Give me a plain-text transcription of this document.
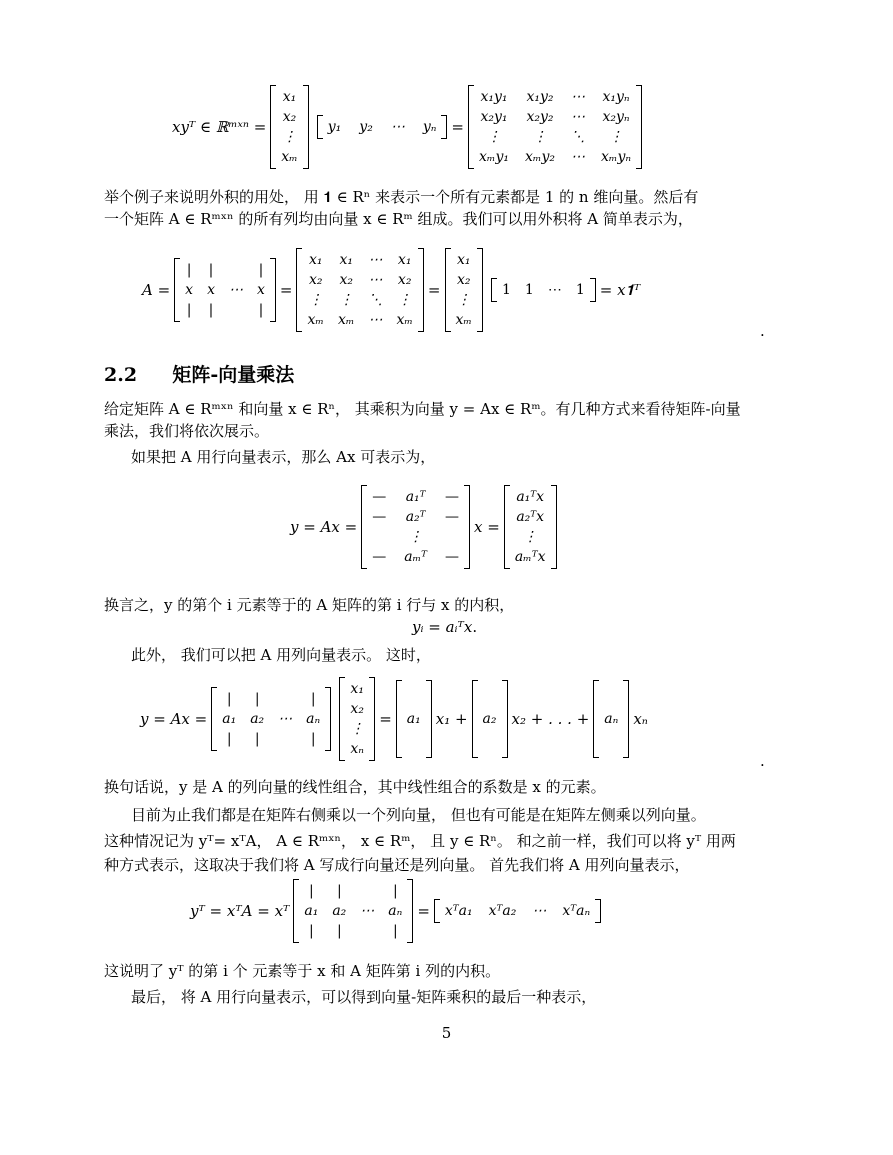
xyᵀ ∈ ℝᵐˣⁿ =
x₁
x₂
⋮
xₘ
y₁ y₂ ⋯ yₙ =
x₁y₁ x₁y₂ ⋯ x₁yₙ
x₂y₁ x₂y₂ ⋯ x₂yₙ
⋮ ⋮ ⋱ ⋮
xₘy₁ xₘy₂ ⋯ xₘyₙ
举个例子来说明外积的用处， 用 𝟏 ∈ Rⁿ 来表示一个所有元素都是 1 的 n 维向量。然后有
一个矩阵 A ∈ Rᵐˣⁿ 的所有列均由向量 x ∈ Rᵐ 组成。我们可以用外积将 A 简单表示为，
A =
| |	|
x x ⋯ x
| |	|
=
x₁ x₁ ⋯ x₁
x₂ x₂ ⋯ x₂
⋮ ⋮ ⋱ ⋮
xₘ xₘ ⋯ xₘ
=
x₁
x₂
⋮
xₘ
1 1 ⋯ 1 = x𝟏ᵀ
.
2.2 矩阵-向量乘法
给定矩阵 A ∈ Rᵐˣⁿ 和向量 x ∈ Rⁿ， 其乘积为向量 y = Ax ∈ Rᵐ。有几种方式来看待矩阵-向量
乘法，我们将依次展示。
如果把 A 用行向量表示，那么 Ax 可表示为，
y = Ax =
— a₁ᵀ —
— a₂ᵀ —
⋮
— aₘᵀ —
x =
a₁ᵀx
a₂ᵀx
⋮
aₘᵀx
换言之，y 的第个 i 元素等于的 A 矩阵的第 i 行与 x 的内积，
yᵢ = aᵢᵀx .
此外， 我们可以把 A 用列向量表示。 这时，
y = Ax =
| |	|
a₁ a₂ ⋯ aₙ
| |	|
x₁
x₂
⋮
xₙ
= a₁ x₁ + a₂ x₂ + . . . + aₙ xₙ
.
换句话说，y 是 A 的列向量的线性组合，其中线性组合的系数是 x 的元素。
目前为止我们都是在矩阵右侧乘以一个列向量， 但也有可能是在矩阵左侧乘以列向量。
这种情况记为 yᵀ= xᵀA， A ∈ Rᵐˣⁿ， x ∈ Rᵐ， 且 y ∈ Rⁿ。 和之前一样，我们可以将 yᵀ 用两
种方式表示，这取决于我们将 A 写成行向量还是列向量。 首先我们将 A 用列向量表示，
yᵀ = xᵀA = xᵀ
| |	|
a₁ a₂ ⋯ aₙ
| |	|
= xᵀa₁ xᵀa₂ ⋯ xᵀaₙ
这说明了 yᵀ 的第 i 个 元素等于 x 和 A 矩阵第 i 列的内积。
最后， 将 A 用行向量表示，可以得到向量-矩阵乘积的最后一种表示，
5
